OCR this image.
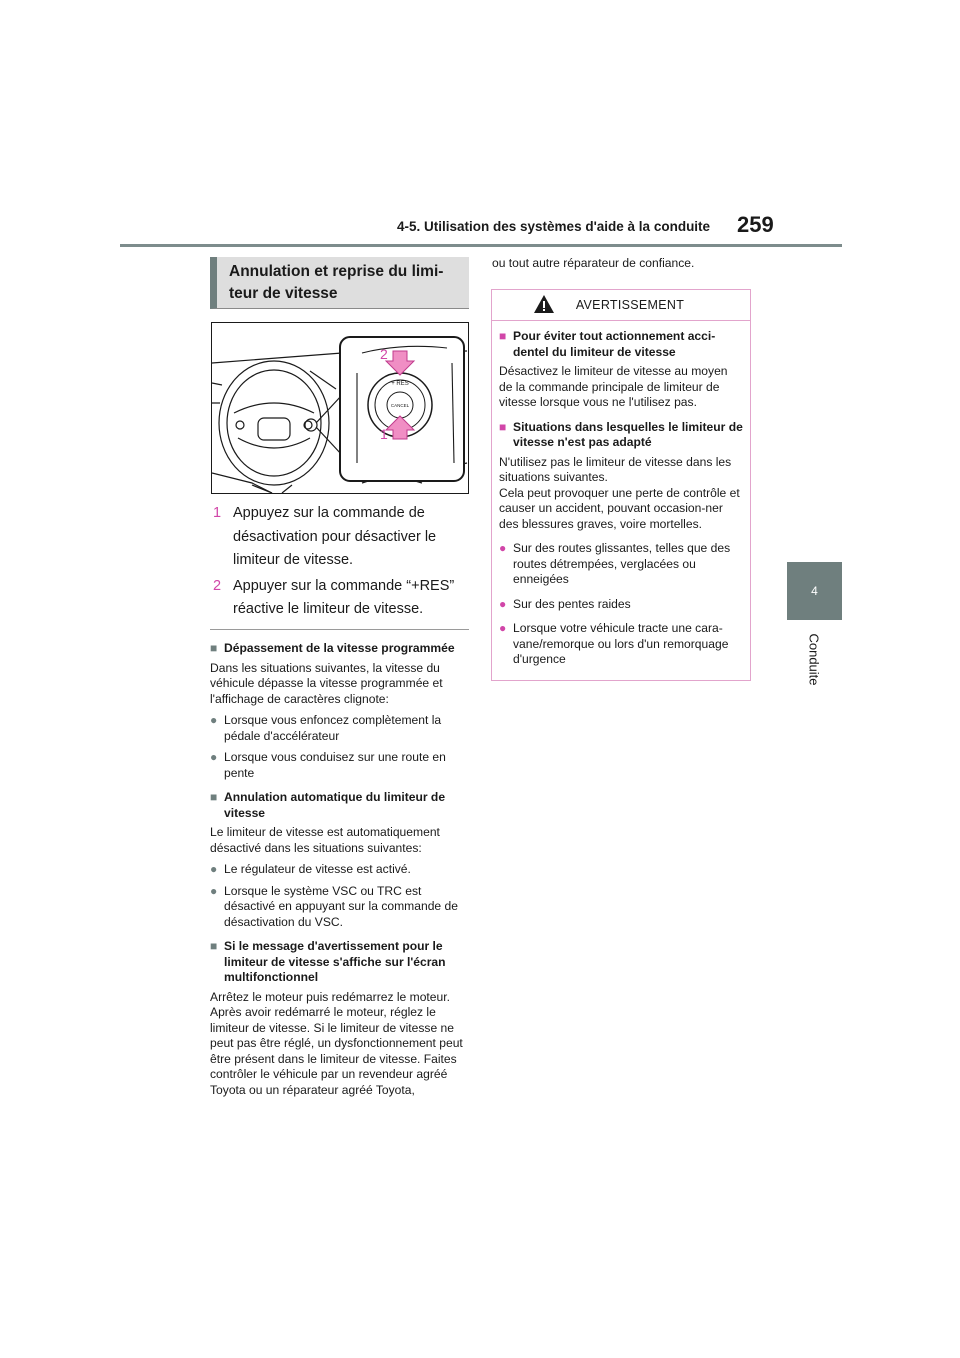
4-5. Utilisation des systèmes d'aide à la conduite 259
4
Conduite
Annulation et reprise du limi-teur de vitesse
+ RES
CANCEL
2
1
1 Appuyez sur la commande de désactivation pour désactiver le limiteur de vitesse.
2 Appuyer sur la commande “+RES” réactive le limiteur de vitesse.
■ Dépassement de la vitesse programmée
Dans les situations suivantes, la vitesse du véhicule dépasse la vitesse programmée et l'affichage de caractères clignote:
●
Lorsque vous enfoncez complètement la pédale d'accélérateur
●
Lorsque vous conduisez sur une route en pente
■ Annulation automatique du limiteur de vitesse
Le limiteur de vitesse est automatiquement désactivé dans les situations suivantes:
●
Le régulateur de vitesse est activé.
●
Lorsque le système VSC ou TRC est désactivé en appuyant sur la commande de désactivation du VSC.
■ Si le message d'avertissement pour le limiteur de vitesse s'affiche sur l'écran multifonctionnel
Arrêtez le moteur puis redémarrez le moteur. Après avoir redémarré le moteur, réglez le limiteur de vitesse. Si le limiteur de vitesse ne peut pas être réglé, un dysfonctionnement peut être présent dans le limiteur de vitesse. Faites contrôler le véhicule par un revendeur agréé Toyota ou un réparateur agréé Toyota,
ou tout autre réparateur de confiance.
AVERTISSEMENT
■ Pour éviter tout actionnement acci-dentel du limiteur de vitesse
Désactivez le limiteur de vitesse au moyen de la commande principale de limiteur de vitesse lorsque vous ne l'utilisez pas.
■ Situations dans lesquelles le limiteur de vitesse n'est pas adapté
N'utilisez pas le limiteur de vitesse dans les situations suivantes.
Cela peut provoquer une perte de contrôle et causer un accident, pouvant occasion-ner des blessures graves, voire mortelles.
●
Sur des routes glissantes, telles que des routes détrempées, verglacées ou enneigées
●
Sur des pentes raides
●
Lorsque votre véhicule tracte une cara-vane/remorque ou lors d'un remorquage d'urgence
